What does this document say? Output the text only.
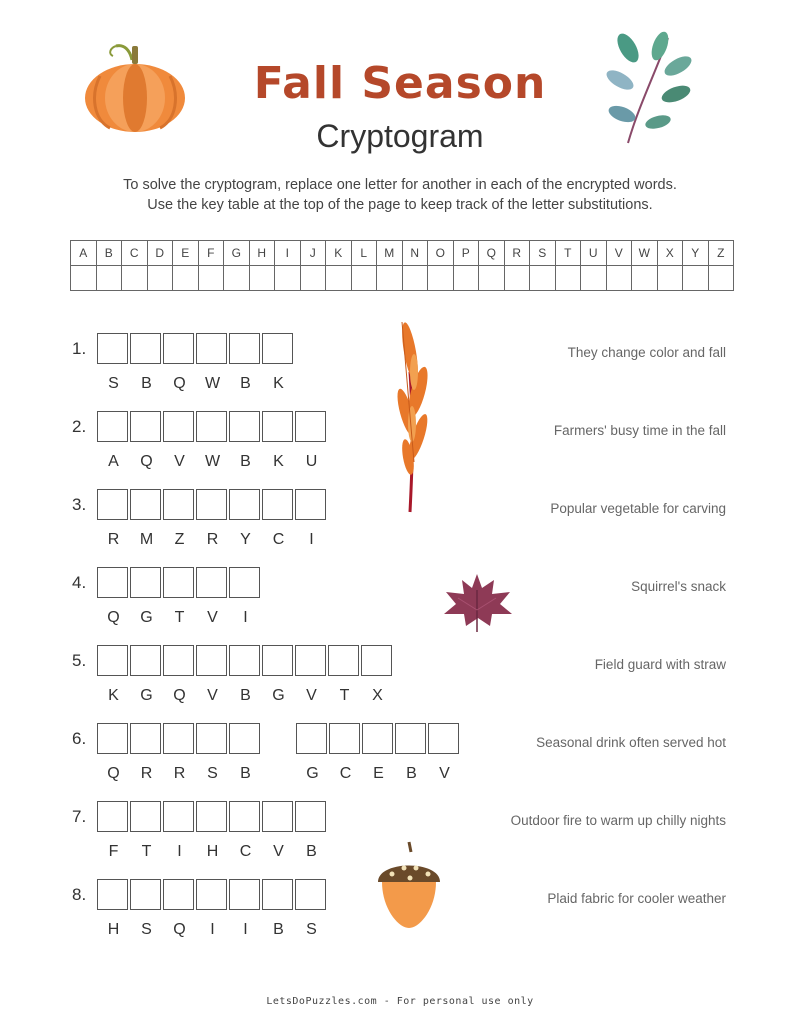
Fall Season
Cryptogram
To solve the cryptogram, replace one letter for another in each of the encrypted words.
Use the key table at the top of the page to keep track of the letter substitutions.
A	B	C	D	E	F	G	H	I	J	K	L	M	N	O	P	Q	R	S	T	U	V	W	X	Y	Z

1.
S	B	Q	W	B	K
They change color and fall
2.
A	Q	V	W	B	K	U
Farmers' busy time in the fall
3.
R	M	Z	R	Y	C	I
Popular vegetable for carving
4.
Q	G	T	V	I
Squirrel's snack
5.
K	G	Q	V	B	G	V	T	X
Field guard with straw
6.
Q	R	R	S	B	G	C	E	B	V
Seasonal drink often served hot
7.
F	T	I	H	C	V	B
Outdoor fire to warm up chilly nights
8.
H	S	Q	I	I	B	S
Plaid fabric for cooler weather
LetsDoPuzzles.com - For personal use only
